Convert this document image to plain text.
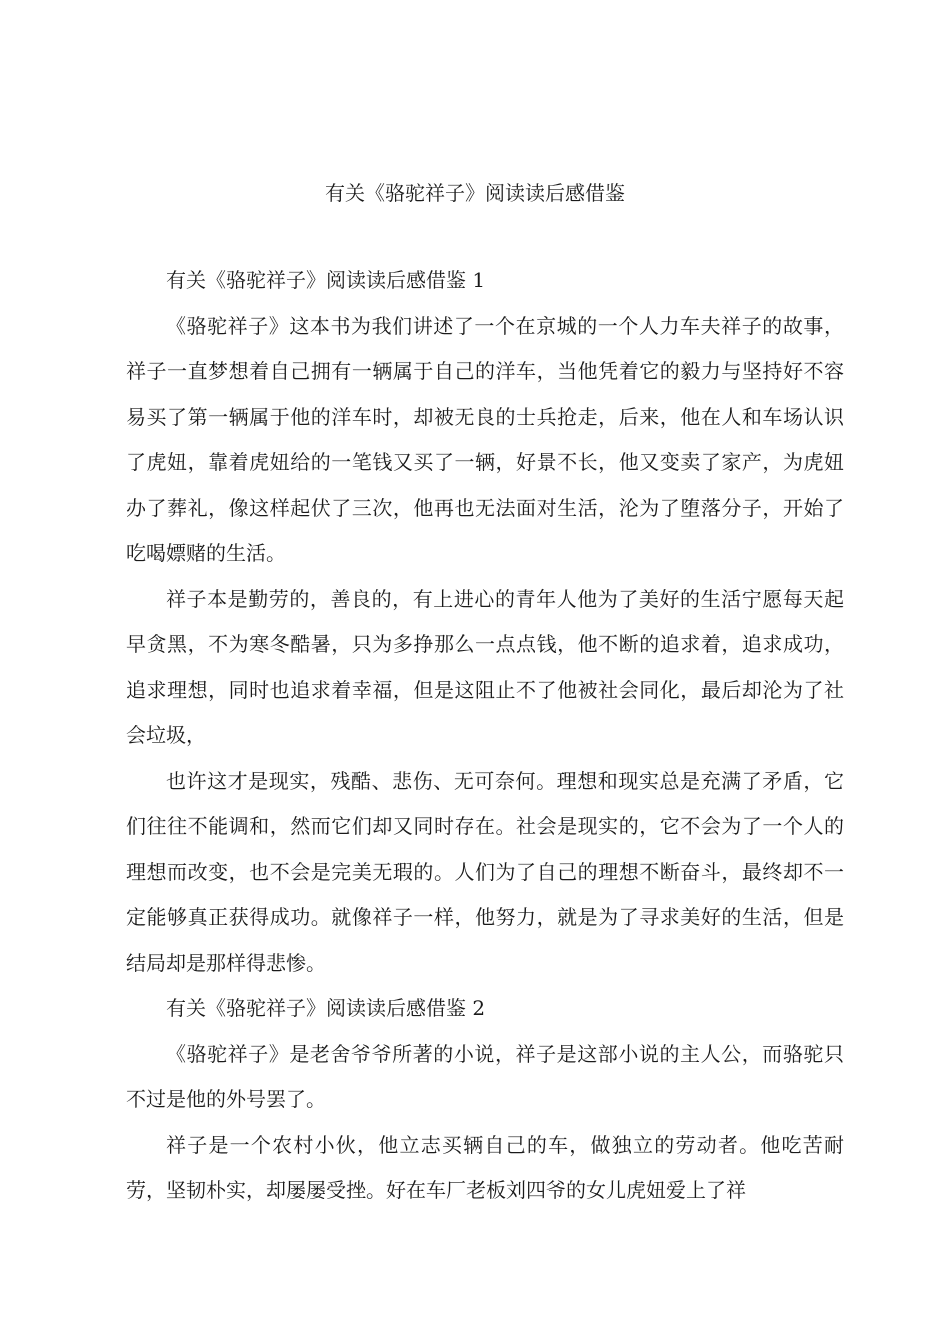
有关《骆驼祥子》阅读读后感借鉴

有关《骆驼祥子》阅读读后感借鉴 1

《骆驼祥子》这本书为我们讲述了一个在京城的一个人力车夫祥子的故事，祥子一直梦想着自己拥有一辆属于自己的洋车，当他凭着它的毅力与坚持好不容易买了第一辆属于他的洋车时，却被无良的士兵抢走，后来，他在人和车场认识了虎妞，靠着虎妞给的一笔钱又买了一辆，好景不长，他又变卖了家产，为虎妞办了葬礼，像这样起伏了三次，他再也无法面对生活，沦为了堕落分子，开始了吃喝嫖赌的生活。

祥子本是勤劳的，善良的，有上进心的青年人他为了美好的生活宁愿每天起早贪黑，不为寒冬酷暑，只为多挣那么一点点钱，他不断的追求着，追求成功，追求理想，同时也追求着幸福，但是这阻止不了他被社会同化，最后却沦为了社会垃圾，

也许这才是现实，残酷、悲伤、无可奈何。理想和现实总是充满了矛盾，它们往往不能调和，然而它们却又同时存在。社会是现实的，它不会为了一个人的理想而改变，也不会是完美无瑕的。人们为了自己的理想不断奋斗，最终却不一定能够真正获得成功。就像祥子一样，他努力，就是为了寻求美好的生活，但是结局却是那样得悲惨。

有关《骆驼祥子》阅读读后感借鉴 2

《骆驼祥子》是老舍爷爷所著的小说，祥子是这部小说的主人公，而骆驼只不过是他的外号罢了。

祥子是一个农村小伙，他立志买辆自己的车，做独立的劳动者。他吃苦耐劳，坚韧朴实，却屡屡受挫。好在车厂老板刘四爷的女儿虎妞爱上了祥
